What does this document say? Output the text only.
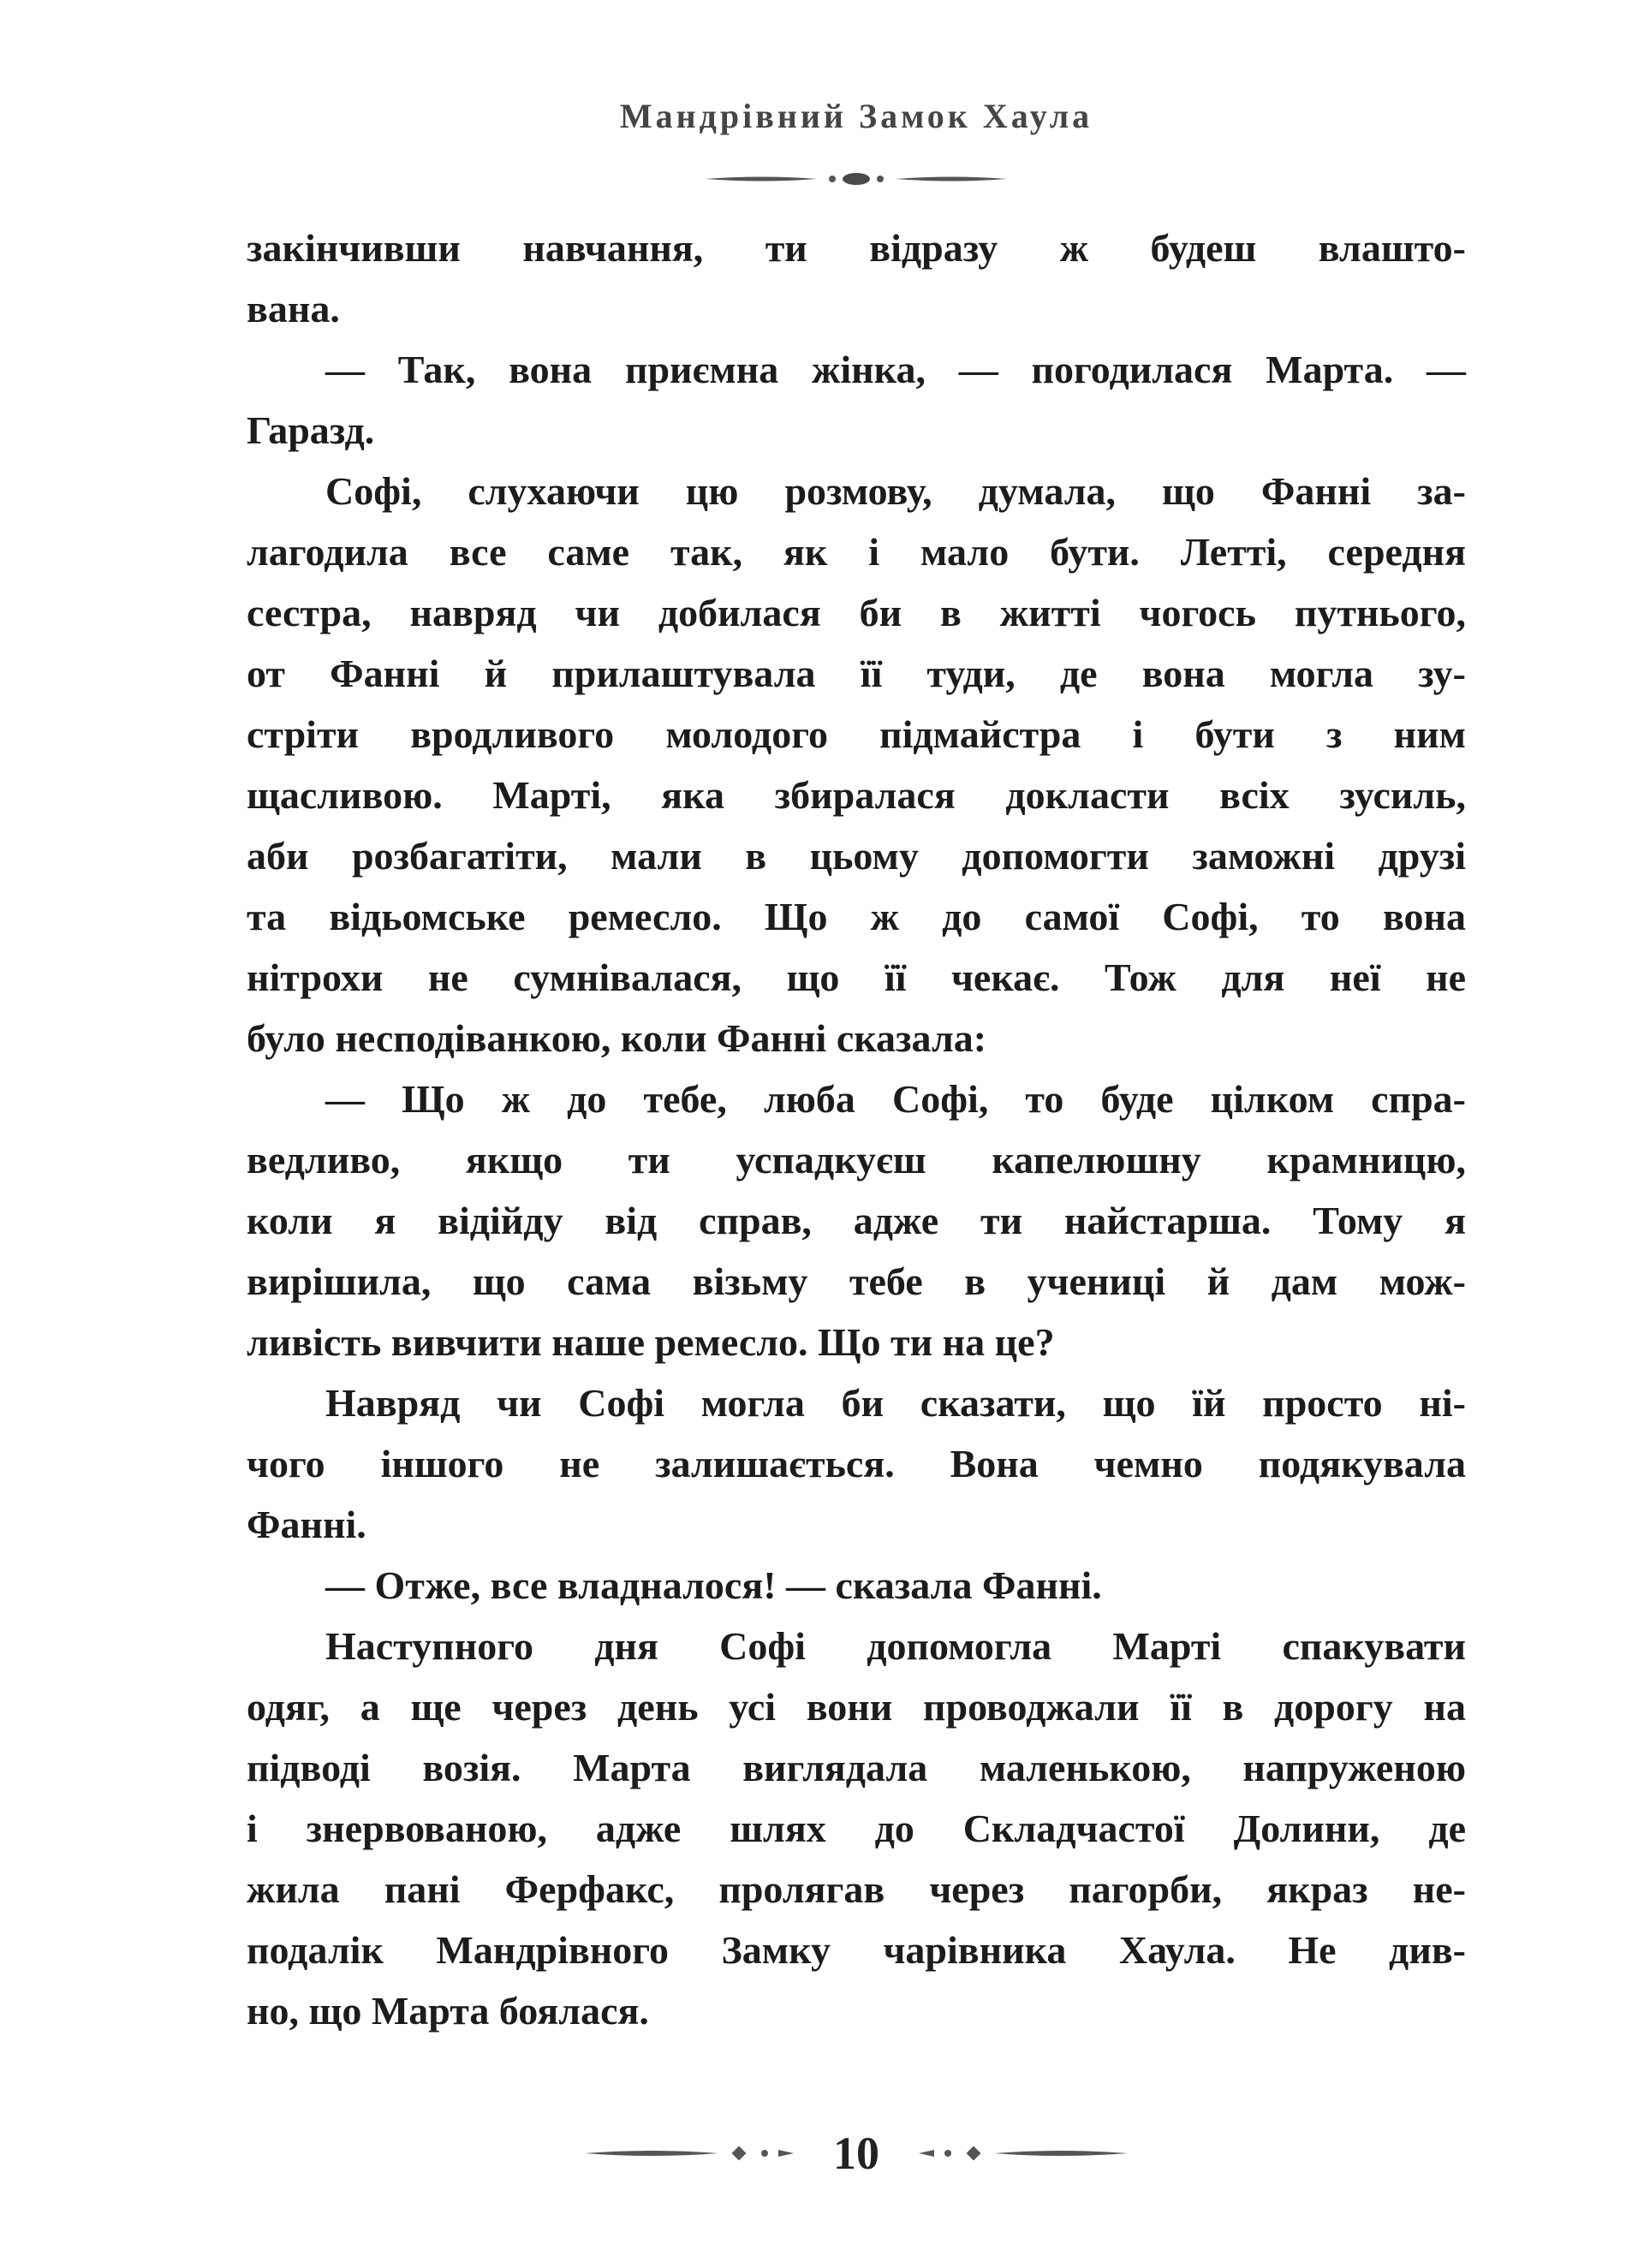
Мандрівний Замок Хаула
закінчивши навчання, ти відразу ж будеш влашто-
вана.
— Так, вона приємна жінка, — погодилася Марта. —
Гаразд.
Софі, слухаючи цю розмову, думала, що Фанні за-
лагодила все саме так, як і мало бути. Летті, середня
сестра, навряд чи добилася би в житті чогось путнього,
от Фанні й прилаштувала її туди, де вона могла зу-
стріти вродливого молодого підмайстра і бути з ним
щасливою. Марті, яка збиралася докласти всіх зусиль,
аби розбагатіти, мали в цьому допомогти заможні друзі
та відьомське ремесло. Що ж до самої Софі, то вона
нітрохи не сумнівалася, що її чекає. Тож для неї не
було несподіванкою, коли Фанні сказала:
— Що ж до тебе, люба Софі, то буде цілком спра-
ведливо, якщо ти успадкуєш капелюшну крамницю,
коли я відійду від справ, адже ти найстарша. Тому я
вирішила, що сама візьму тебе в учениці й дам мож-
ливість вивчити наше ремесло. Що ти на це?
Навряд чи Софі могла би сказати, що їй просто ні-
чого іншого не залишається. Вона чемно подякувала
Фанні.
— Отже, все владналося! — сказала Фанні.
Наступного дня Софі допомогла Марті спакувати
одяг, а ще через день усі вони проводжали її в дорогу на
підводі возія. Марта виглядала маленькою, напруженою
і знервованою, адже шлях до Складчастої Долини, де
жила пані Ферфакс, пролягав через пагорби, якраз не-
подалік Мандрівного Замку чарівника Хаула. Не див-
но, що Марта боялася.
10
